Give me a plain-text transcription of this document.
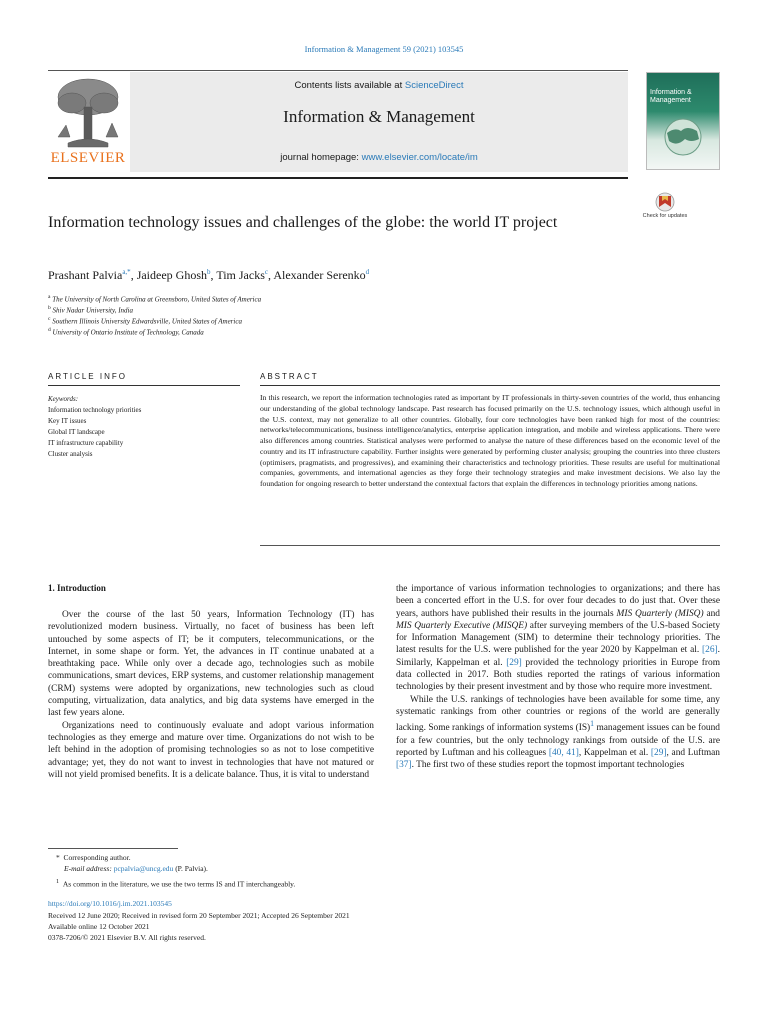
Information & Management 59 (2021) 103545
ELSEVIER
Contents lists available at ScienceDirect
Information & Management
journal homepage: www.elsevier.com/locate/im
Information & Management
Check for updates
Information technology issues and challenges of the globe: the world IT project
Prashant Palvia$^{a,*}$, Jaideep Ghosh$^b$, Tim Jacks$^c$, Alexander Serenko$^d$
$^a$ The University of North Carolina at Greensboro, United States of America
$^b$ Shiv Nadar University, India
$^c$ Southern Illinois University Edwardsville, United States of America
$^d$ University of Ontario Institute of Technology, Canada
ARTICLE INFO
Keywords:
Information technology priorities
Key IT issues
Global IT landscape
IT infrastructure capability
Cluster analysis
ABSTRACT
In this research, we report the information technologies rated as important by IT professionals in thirty-seven countries of the world, thus enhancing our understanding of the global technology landscape. Past research has focused primarily on the U.S. technology issues, which although useful in the U.S. context, may not generalize to all other countries. Globally, four core technologies have been ranked high for most of the countries: networks/telecommunications, business intelligence/analytics, enterprise application integration, and mobile and wireless applications. There were also differences among countries. Statistical analyses were performed to analyse the nature of these differences based on the economic level of the country and its IT infrastructure capability. Further insights were generated by performing cluster analysis; grouping the countries into three clusters (optimisers, pragmatists, and progressives), and examining their characteristics and technology priorities. These results are useful for multinational companies, governments, and international agencies as they forge their technology strategies and make investment decisions. We also lay the foundation for ongoing research to better understand the contextual factors that explain the differences in technology priorities among nations.
1. Introduction

Over the course of the last 50 years, Information Technology (IT) has revolutionized modern business. Virtually, no facet of business has been left untouched by some aspects of IT; be it computers, telecommunications, or the Internet, in some shape or form. Yet, the advances in IT continue unabated at a breathtaking pace. While only over a decade ago, technologies such as mobile communications, smart devices, ERP systems, and customer relationship management (CRM) systems were adopted by organizations, new technologies such as cloud computing, virtualization, data analytics, and big data systems have emerged in the last few years alone.

Organizations need to continuously evaluate and adopt various information technologies as they emerge and mature over time. Organizations do not wish to be left behind in the adoption of promising technologies so as not to lose competitive advantage; yet, they do not want to invest in technologies that have not matured or will not yield promised benefits. It is a delicate balance. Thus, it is vital to understand

the importance of various information technologies to organizations; and there has been a concerted effort in the U.S. for over four decades to do just that. Over these years, authors have published their results in the journals MIS Quarterly (MISQ) and MIS Quarterly Executive (MISQE) after surveying members of the U.S-based Society for Information Management (SIM) to determine their technology priorities. The latest results for the U.S. were published for the year 2020 by Kappelman et al. [26]. Similarly, Kappelman et al. [29] provided the technology priorities in Europe from data collected in 2017. Both studies reported the ratings of various information technologies by their present investment and by those who require more investment.

While the U.S. rankings of technologies have been available for some time, any systematic rankings from other countries or regions of the world are generally lacking. Some rankings of information systems (IS)$^1$ management issues can be found for a few countries, but the only technology rankings from outside of the U.S. are reported by Luftman and his colleagues [40, 41], Kappelman et al. [29], and Luftman [37]. The first two of these studies report the topmost important technologies

* Corresponding author.
E-mail address: pcpalvia@uncg.edu (P. Palvia).
$^1$ As common in the literature, we use the two terms IS and IT interchangeably.
https://doi.org/10.1016/j.im.2021.103545
Received 12 June 2020; Received in revised form 20 September 2021; Accepted 26 September 2021
Available online 12 October 2021
0378-7206/© 2021 Elsevier B.V. All rights reserved.
